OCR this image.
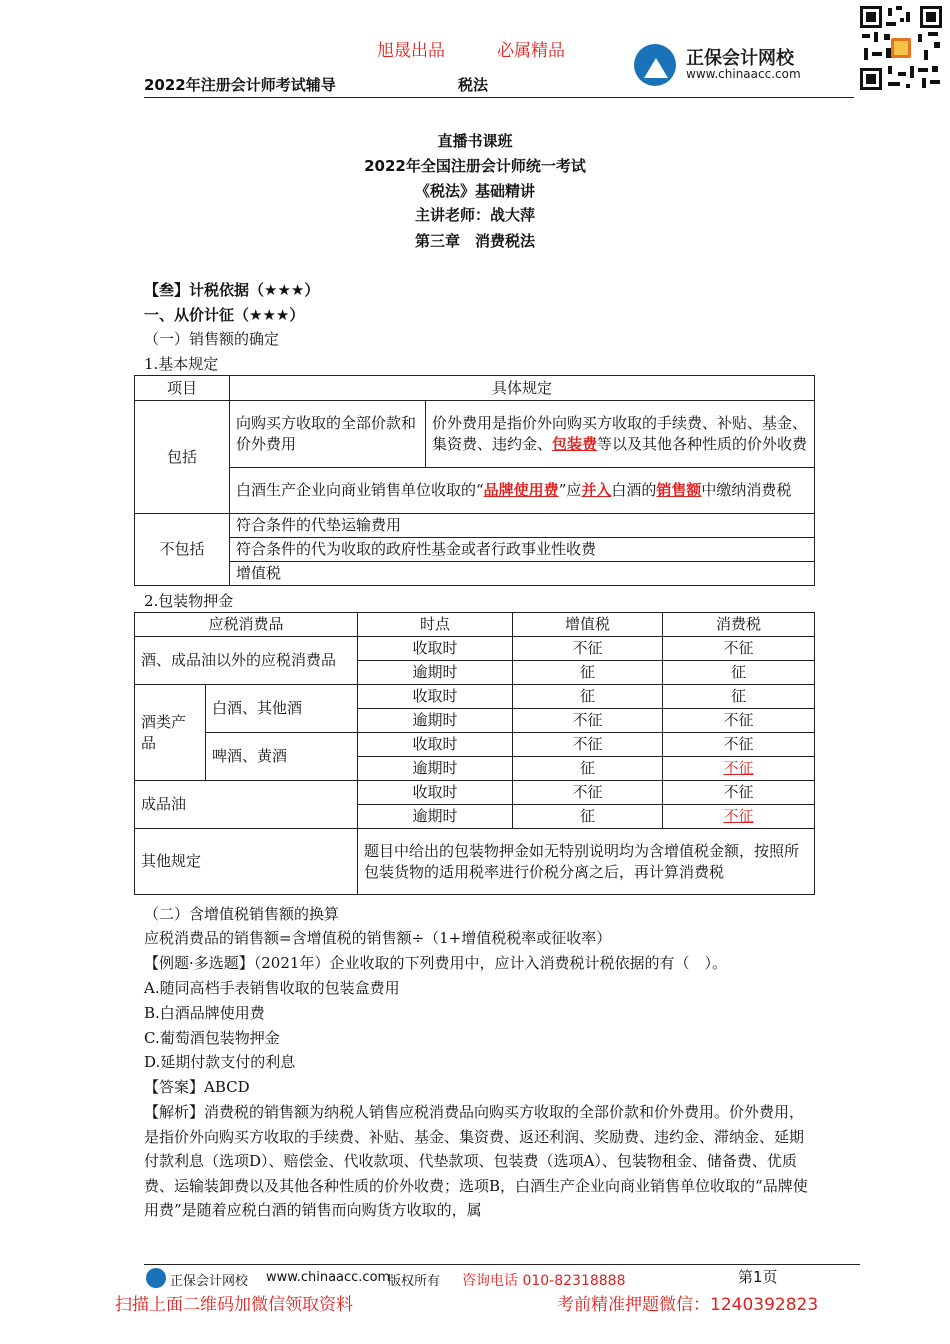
旭晟出品	必属精品
2022年注册会计师考试辅导	税法
正保会计网校
www.chinaacc.com
直播书课班
2022年全国注册会计师统一考试
《税法》基础精讲
主讲老师：战大萍
第三章　消费税法
【叁】计税依据（★★★）
一、从价计征（★★★）
（一）销售额的确定
1.基本规定
项目	具体规定	
包括	向购买方收取的全部价款和价外费用	价外费用是指价外向购买方收取的手续费、补贴、基金、集资费、违约金、包装费等以及其他各种性质的价外收费
	白酒生产企业向商业销售单位收取的“品牌使用费”应并入白酒的销售额中缴纳消费税	
不包括	符合条件的代垫运输费用	
	符合条件的代为收取的政府性基金或者行政事业性收费	
	增值税	
2.包装物押金
应税消费品		时点	增值税	消费税
酒、成品油以外的应税消费品		收取时	不征	不征
		逾期时	征	征
酒类产品	白酒、其他酒	收取时	征	征
		逾期时	不征	不征
	啤酒、黄酒	收取时	不征	不征
		逾期时	征	不征
成品油		收取时	不征	不征
		逾期时	征	不征
其他规定		题目中给出的包装物押金如无特别说明均为含增值税金额，按照所包装货物的适用税率进行价税分离之后，再计算消费税		
（二）含增值税销售额的换算
应税消费品的销售额=含增值税的销售额÷（1+增值税税率或征收率）
【例题·多选题】（2021年）企业收取的下列费用中，应计入消费税计税依据的有（　）。
A.随同高档手表销售收取的包装盒费用
B.白酒品牌使用费
C.葡萄酒包装物押金
D.延期付款支付的利息
【答案】ABCD
【解析】消费税的销售额为纳税人销售应税消费品向购买方收取的全部价款和价外费用。价外费用，是指价外向购买方收取的手续费、补贴、基金、集资费、返还利润、奖励费、违约金、滞纳金、延期付款利息（选项D）、赔偿金、代收款项、代垫款项、包装费（选项A）、包装物租金、储备费、优质费、运输装卸费以及其他各种性质的价外收费；选项B，白酒生产企业向商业销售单位收取的“品牌使用费”是随着应税白酒的销售而向购货方收取的，属
正保会计网校 www.chinaacc.com
版权所有 咨询电话 010-82318888	第1页
扫描上面二维码加微信领取资料	考前精准押题微信：1240392823
